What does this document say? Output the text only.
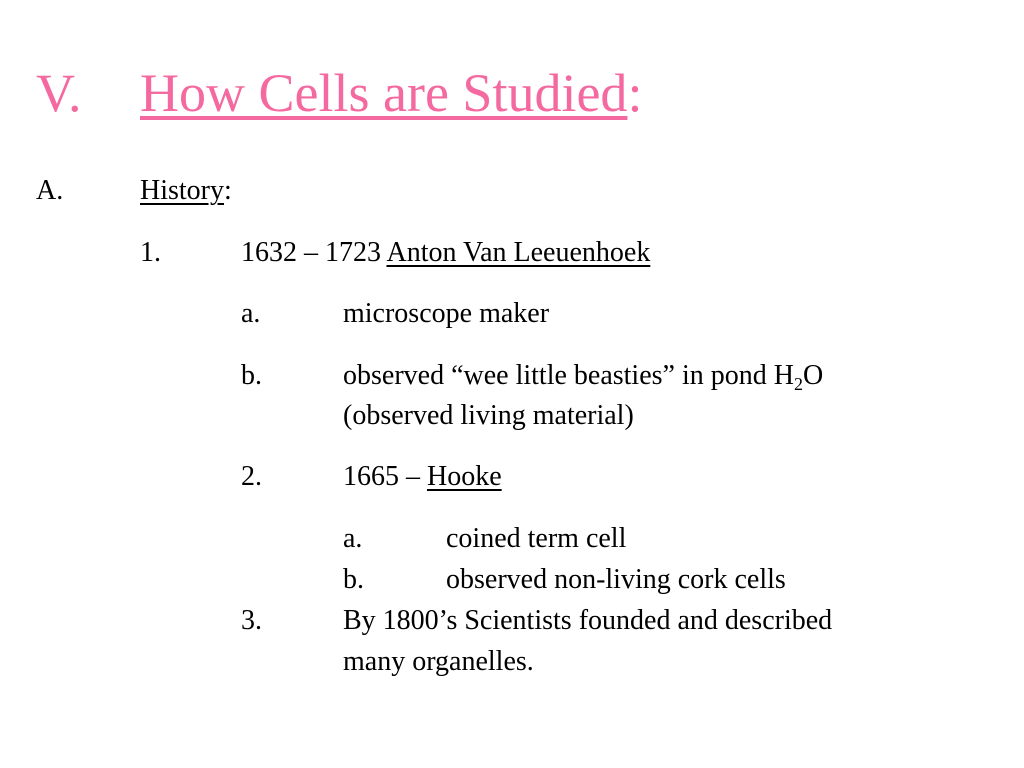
V. How Cells are Studied:
A.	History:
1.	1632 – 1723 Anton Van Leeuenhoek
a.	microscope maker
b.	observed “wee little beasties” in pond $H_2O$
(observed living material)
2.	1665 – Hooke
a.	coined term cell
b.	observed non-living cork cells
3.	By 1800’s Scientists founded and described
many organelles.
